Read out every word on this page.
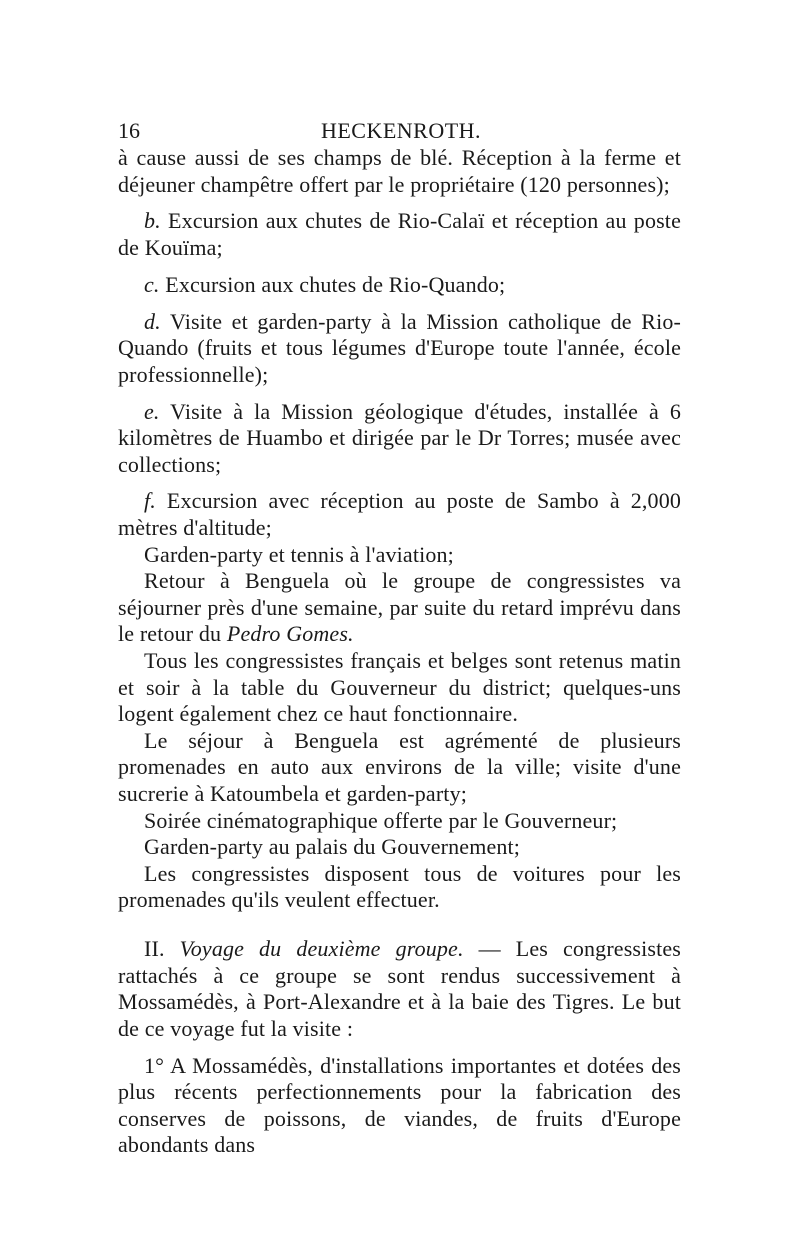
16	HECKENROTH.

à cause aussi de ses champs de blé. Réception à la ferme et déjeuner champêtre offert par le propriétaire (120 personnes);

b. Excursion aux chutes de Rio-Calaï et réception au poste de Kouïma;

c. Excursion aux chutes de Rio-Quando;

d. Visite et garden-party à la Mission catholique de Rio-Quando (fruits et tous légumes d'Europe toute l'année, école professionnelle);

e. Visite à la Mission géologique d'études, installée à 6 kilomètres de Huambo et dirigée par le Dr Torres; musée avec collections;

f. Excursion avec réception au poste de Sambo à 2,000 mètres d'altitude;

Garden-party et tennis à l'aviation;

Retour à Benguela où le groupe de congressistes va séjourner près d'une semaine, par suite du retard imprévu dans le retour du Pedro Gomes.

Tous les congressistes français et belges sont retenus matin et soir à la table du Gouverneur du district; quelques-uns logent également chez ce haut fonctionnaire.

Le séjour à Benguela est agrémenté de plusieurs promenades en auto aux environs de la ville; visite d'une sucrerie à Katoumbela et garden-party;

Soirée cinématographique offerte par le Gouverneur;

Garden-party au palais du Gouvernement;

Les congressistes disposent tous de voitures pour les promenades qu'ils veulent effectuer.

II. Voyage du deuxième groupe. — Les congressistes rattachés à ce groupe se sont rendus successivement à Mossamédès, à Port-Alexandre et à la baie des Tigres. Le but de ce voyage fut la visite :

1° A Mossamédès, d'installations importantes et dotées des plus récents perfectionnements pour la fabrication des conserves de poissons, de viandes, de fruits d'Europe abondants dans
